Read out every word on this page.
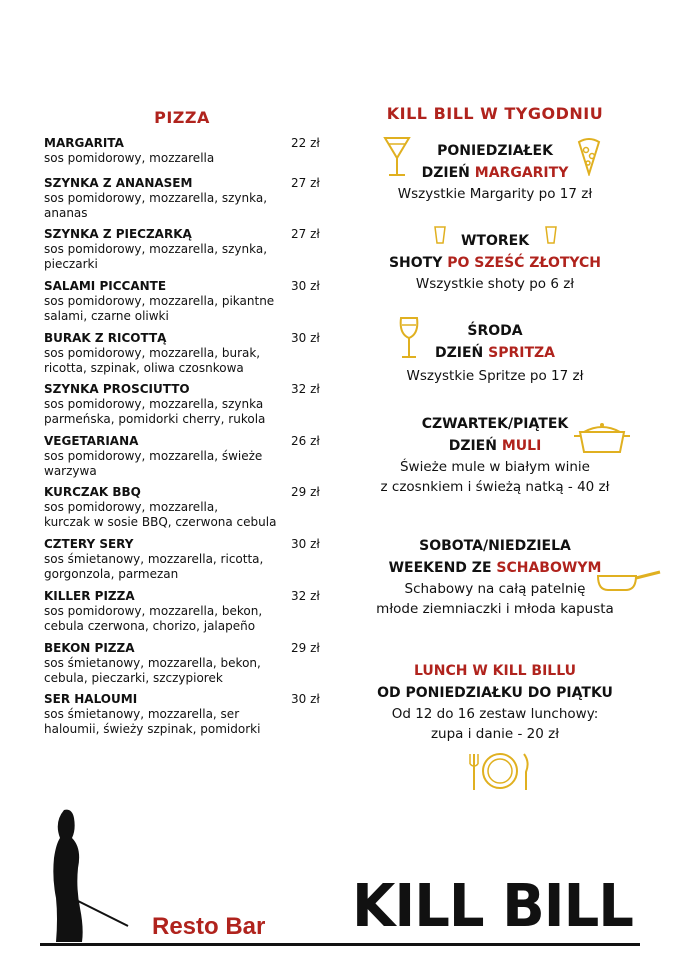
PIZZA
MARGARITA
sos pomidorowy, mozzarella
22 zł
SZYNKA Z ANANASEM
sos pomidorowy, mozzarella, szynka, ananas
27 zł
SZYNKA Z PIECZARKĄ
sos pomidorowy, mozzarella, szynka, pieczarki
27 zł
SALAMI PICCANTE
sos pomidorowy, mozzarella, pikantne salami, czarne oliwki
30 zł
BURAK Z RICOTTĄ
sos pomidorowy, mozzarella, burak, ricotta, szpinak, oliwa czosnkowa
30 zł
SZYNKA PROSCIUTTO
sos pomidorowy, mozzarella, szynka parmeńska, pomidorki cherry, rukola
32 zł
VEGETARIANA
sos pomidorowy, mozzarella, świeże warzywa
26 zł
KURCZAK BBQ
sos pomidorowy, mozzarella,
kurczak w sosie BBQ, czerwona cebula
29 zł
CZTERY SERY
sos śmietanowy, mozzarella, ricotta, gorgonzola, parmezan
30 zł
KILLER PIZZA
sos pomidorowy, mozzarella, bekon, cebula czerwona, chorizo, jalapeño
32 zł
BEKON PIZZA
sos śmietanowy, mozzarella, bekon, cebula, pieczarki, szczypiorek
29 zł
SER HALOUMI
sos śmietanowy, mozzarella, ser haloumii, świeży szpinak, pomidorki
30 zł
KILL BILL W TYGODNIU
PONIEDZIAŁEK
DZIEŃ MARGARITY
Wszystkie Margarity po 17 zł
WTOREK
SHOTY PO SZEŚĆ ZŁOTYCH
Wszystkie shoty po 6 zł
ŚRODA
DZIEŃ SPRITZA
Wszystkie Spritze po 17 zł
CZWARTEK/PIĄTEK
DZIEŃ MULI
Świeże mule w białym winie
z czosnkiem i świeżą natką - 40 zł
SOBOTA/NIEDZIELA
WEEKEND ZE SCHABOWYM
Schabowy na całą patelnię
młode ziemniaczki i młoda kapusta
LUNCH W KILL BILLU
OD PONIEDZIAŁKU DO PIĄTKU
Od 12 do 16 zestaw lunchowy:
zupa i danie - 20 zł
Resto Bar KILL BILL
